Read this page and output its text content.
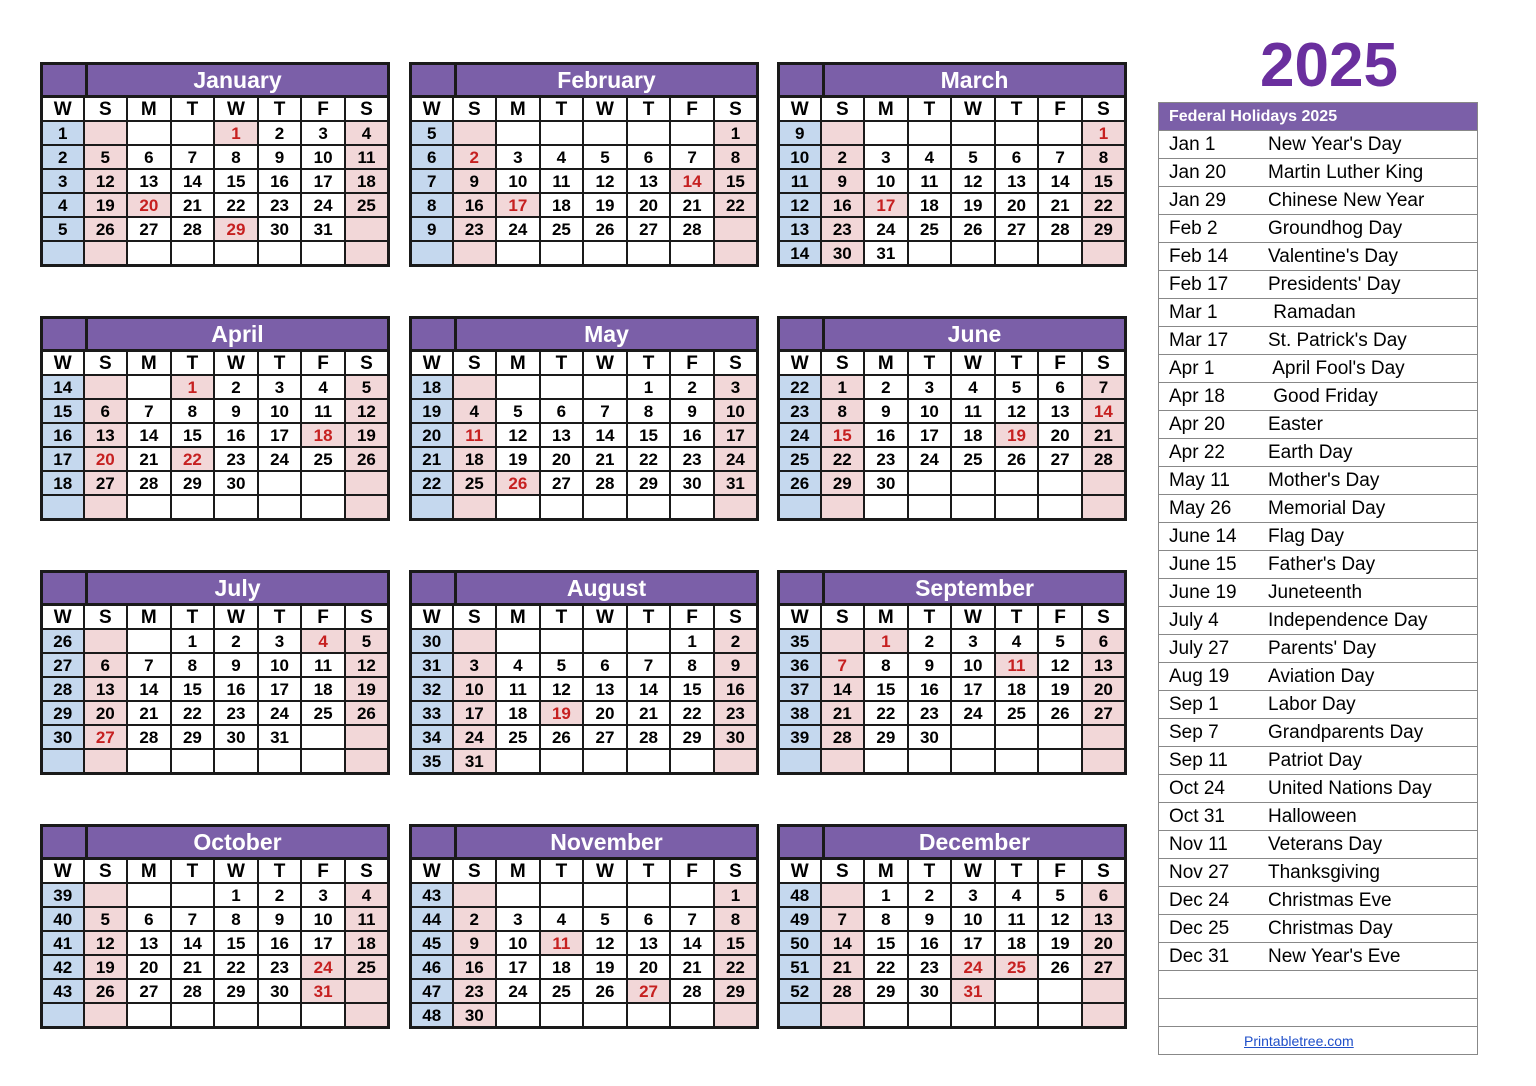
2025
January
W	S	M	T	W	T	F	S
1				1	2	3	4
2	5	6	7	8	9	10	11
3	12	13	14	15	16	17	18
4	19	20	21	22	23	24	25
5	26	27	28	29	30	31	

February
W	S	M	T	W	T	F	S
5							1
6	2	3	4	5	6	7	8
7	9	10	11	12	13	14	15
8	16	17	18	19	20	21	22
9	23	24	25	26	27	28	

March
W	S	M	T	W	T	F	S
9							1
10	2	3	4	5	6	7	8
11	9	10	11	12	13	14	15
12	16	17	18	19	20	21	22
13	23	24	25	26	27	28	29
14	30	31					
April
W	S	M	T	W	T	F	S
14			1	2	3	4	5
15	6	7	8	9	10	11	12
16	13	14	15	16	17	18	19
17	20	21	22	23	24	25	26
18	27	28	29	30			

May
W	S	M	T	W	T	F	S
18					1	2	3
19	4	5	6	7	8	9	10
20	11	12	13	14	15	16	17
21	18	19	20	21	22	23	24
22	25	26	27	28	29	30	31

June
W	S	M	T	W	T	F	S
22	1	2	3	4	5	6	7
23	8	9	10	11	12	13	14
24	15	16	17	18	19	20	21
25	22	23	24	25	26	27	28
26	29	30					

July
W	S	M	T	W	T	F	S
26			1	2	3	4	5
27	6	7	8	9	10	11	12
28	13	14	15	16	17	18	19
29	20	21	22	23	24	25	26
30	27	28	29	30	31		

August
W	S	M	T	W	T	F	S
30						1	2
31	3	4	5	6	7	8	9
32	10	11	12	13	14	15	16
33	17	18	19	20	21	22	23
34	24	25	26	27	28	29	30
35	31						
September
W	S	M	T	W	T	F	S
35		1	2	3	4	5	6
36	7	8	9	10	11	12	13
37	14	15	16	17	18	19	20
38	21	22	23	24	25	26	27
39	28	29	30				

October
W	S	M	T	W	T	F	S
39				1	2	3	4
40	5	6	7	8	9	10	11
41	12	13	14	15	16	17	18
42	19	20	21	22	23	24	25
43	26	27	28	29	30	31	

November
W	S	M	T	W	T	F	S
43							1
44	2	3	4	5	6	7	8
45	9	10	11	12	13	14	15
46	16	17	18	19	20	21	22
47	23	24	25	26	27	28	29
48	30						
December
W	S	M	T	W	T	F	S
48		1	2	3	4	5	6
49	7	8	9	10	11	12	13
50	14	15	16	17	18	19	20
51	21	22	23	24	25	26	27
52	28	29	30	31			

Federal Holidays 2025
Jan 1	New Year's Day
Jan 20	Martin Luther King
Jan 29	Chinese New Year
Feb 2	Groundhog Day
Feb 14	Valentine's Day
Feb 17	Presidents' Day
Mar 1	Ramadan
Mar 17	St. Patrick's Day
Apr 1	April Fool's Day
Apr 18	Good Friday
Apr 20	Easter
Apr 22	Earth Day
May 11	Mother's Day
May 26	Memorial Day
June 14	Flag Day
June 15	Father's Day
June 19	Juneteenth
July 4	Independence Day
July 27	Parents' Day
Aug 19	Aviation Day
Sep 1	Labor Day
Sep 7	Grandparents Day
Sep 11	Patriot Day
Oct 24	United Nations Day
Oct 31	Halloween
Nov 11	Veterans Day
Nov 27	Thanksgiving
Dec 24	Christmas Eve
Dec 25	Christmas Day
Dec 31	New Year's Eve
Printabletree.com
